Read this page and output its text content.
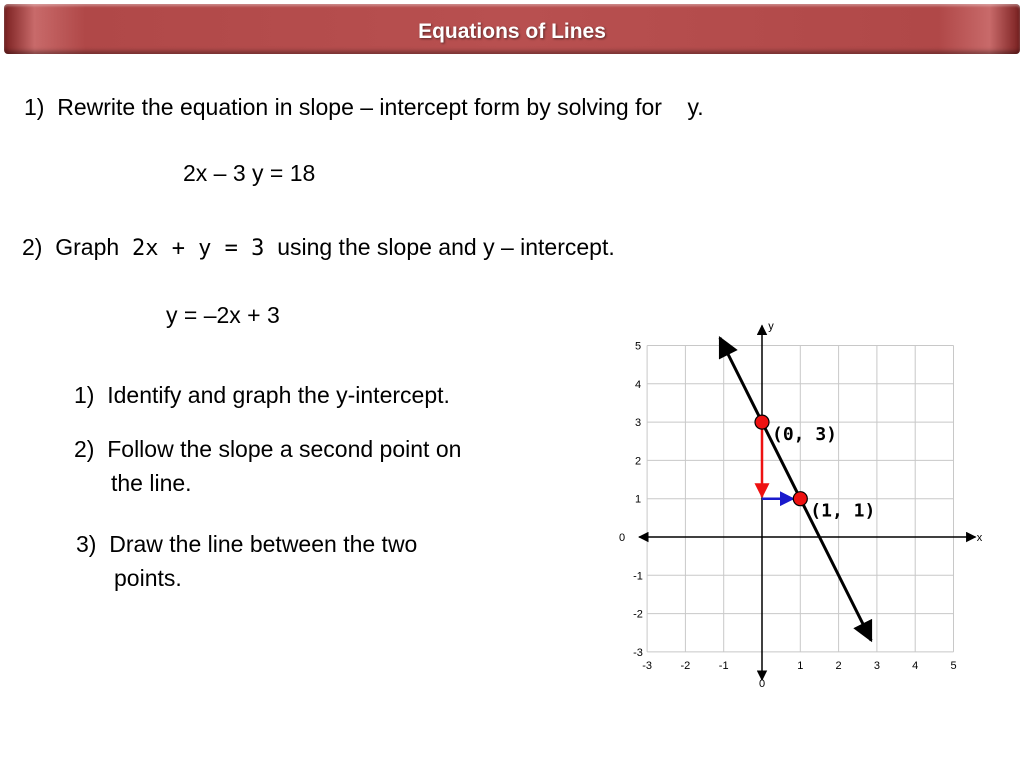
Equations of Lines
1) Rewrite the equation in slope – intercept form by solving for y.
2x – 3 y = 18
2) Graph 2x + y = 3 using the slope and y – intercept.
y = –2x + 3
1) Identify and graph the y-intercept.
2) Follow the slope a second point on
the line.
3) Draw the line between the two
points.
x
y
-3	-2	-1
0
1	2	3	4	5
-3
-2
-1
0
1
2
3
4
5
(0, 3)
(1, 1)
